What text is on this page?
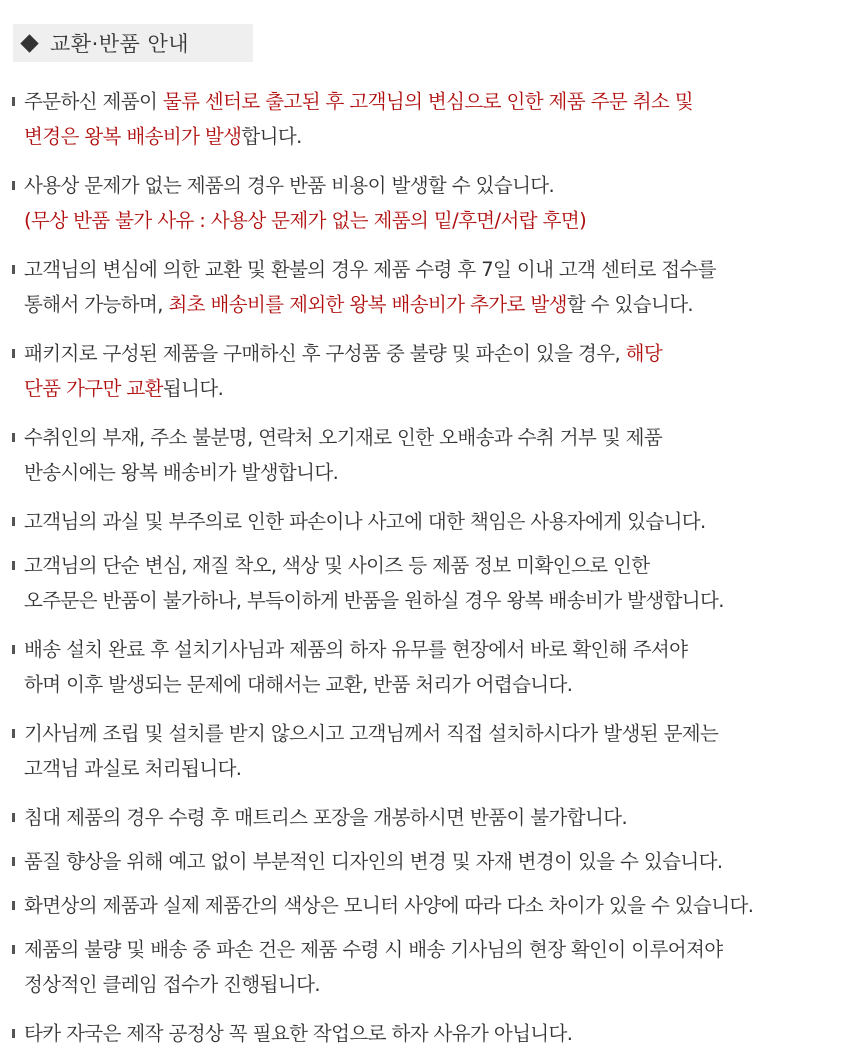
교환·반품 안내
주문하신 제품이 물류 센터로 출고된 후 고객님의 변심으로 인한 제품 주문 취소 및
변경은 왕복 배송비가 발생합니다.
사용상 문제가 없는 제품의 경우 반품 비용이 발생할 수 있습니다.
(무상 반품 불가 사유 : 사용상 문제가 없는 제품의 밑/후면/서랍 후면)
고객님의 변심에 의한 교환 및 환불의 경우 제품 수령 후 7일 이내 고객 센터로 접수를
통해서 가능하며, 최초 배송비를 제외한 왕복 배송비가 추가로 발생할 수 있습니다.
패키지로 구성된 제품을 구매하신 후 구성품 중 불량 및 파손이 있을 경우, 해당
단품 가구만 교환됩니다.
수취인의 부재, 주소 불분명, 연락처 오기재로 인한 오배송과 수취 거부 및 제품
반송시에는 왕복 배송비가 발생합니다.
고객님의 과실 및 부주의로 인한 파손이나 사고에 대한 책임은 사용자에게 있습니다.
고객님의 단순 변심, 재질 착오, 색상 및 사이즈 등 제품 정보 미확인으로 인한
오주문은 반품이 불가하나, 부득이하게 반품을 원하실 경우 왕복 배송비가 발생합니다.
배송 설치 완료 후 설치기사님과 제품의 하자 유무를 현장에서 바로 확인해 주셔야
하며 이후 발생되는 문제에 대해서는 교환, 반품 처리가 어렵습니다.
기사님께 조립 및 설치를 받지 않으시고 고객님께서 직접 설치하시다가 발생된 문제는
고객님 과실로 처리됩니다.
침대 제품의 경우 수령 후 매트리스 포장을 개봉하시면 반품이 불가합니다.
품질 향상을 위해 예고 없이 부분적인 디자인의 변경 및 자재 변경이 있을 수 있습니다.
화면상의 제품과 실제 제품간의 색상은 모니터 사양에 따라 다소 차이가 있을 수 있습니다.
제품의 불량 및 배송 중 파손 건은 제품 수령 시 배송 기사님의 현장 확인이 이루어져야
정상적인 클레임 접수가 진행됩니다.
타카 자국은 제작 공정상 꼭 필요한 작업으로 하자 사유가 아닙니다.
